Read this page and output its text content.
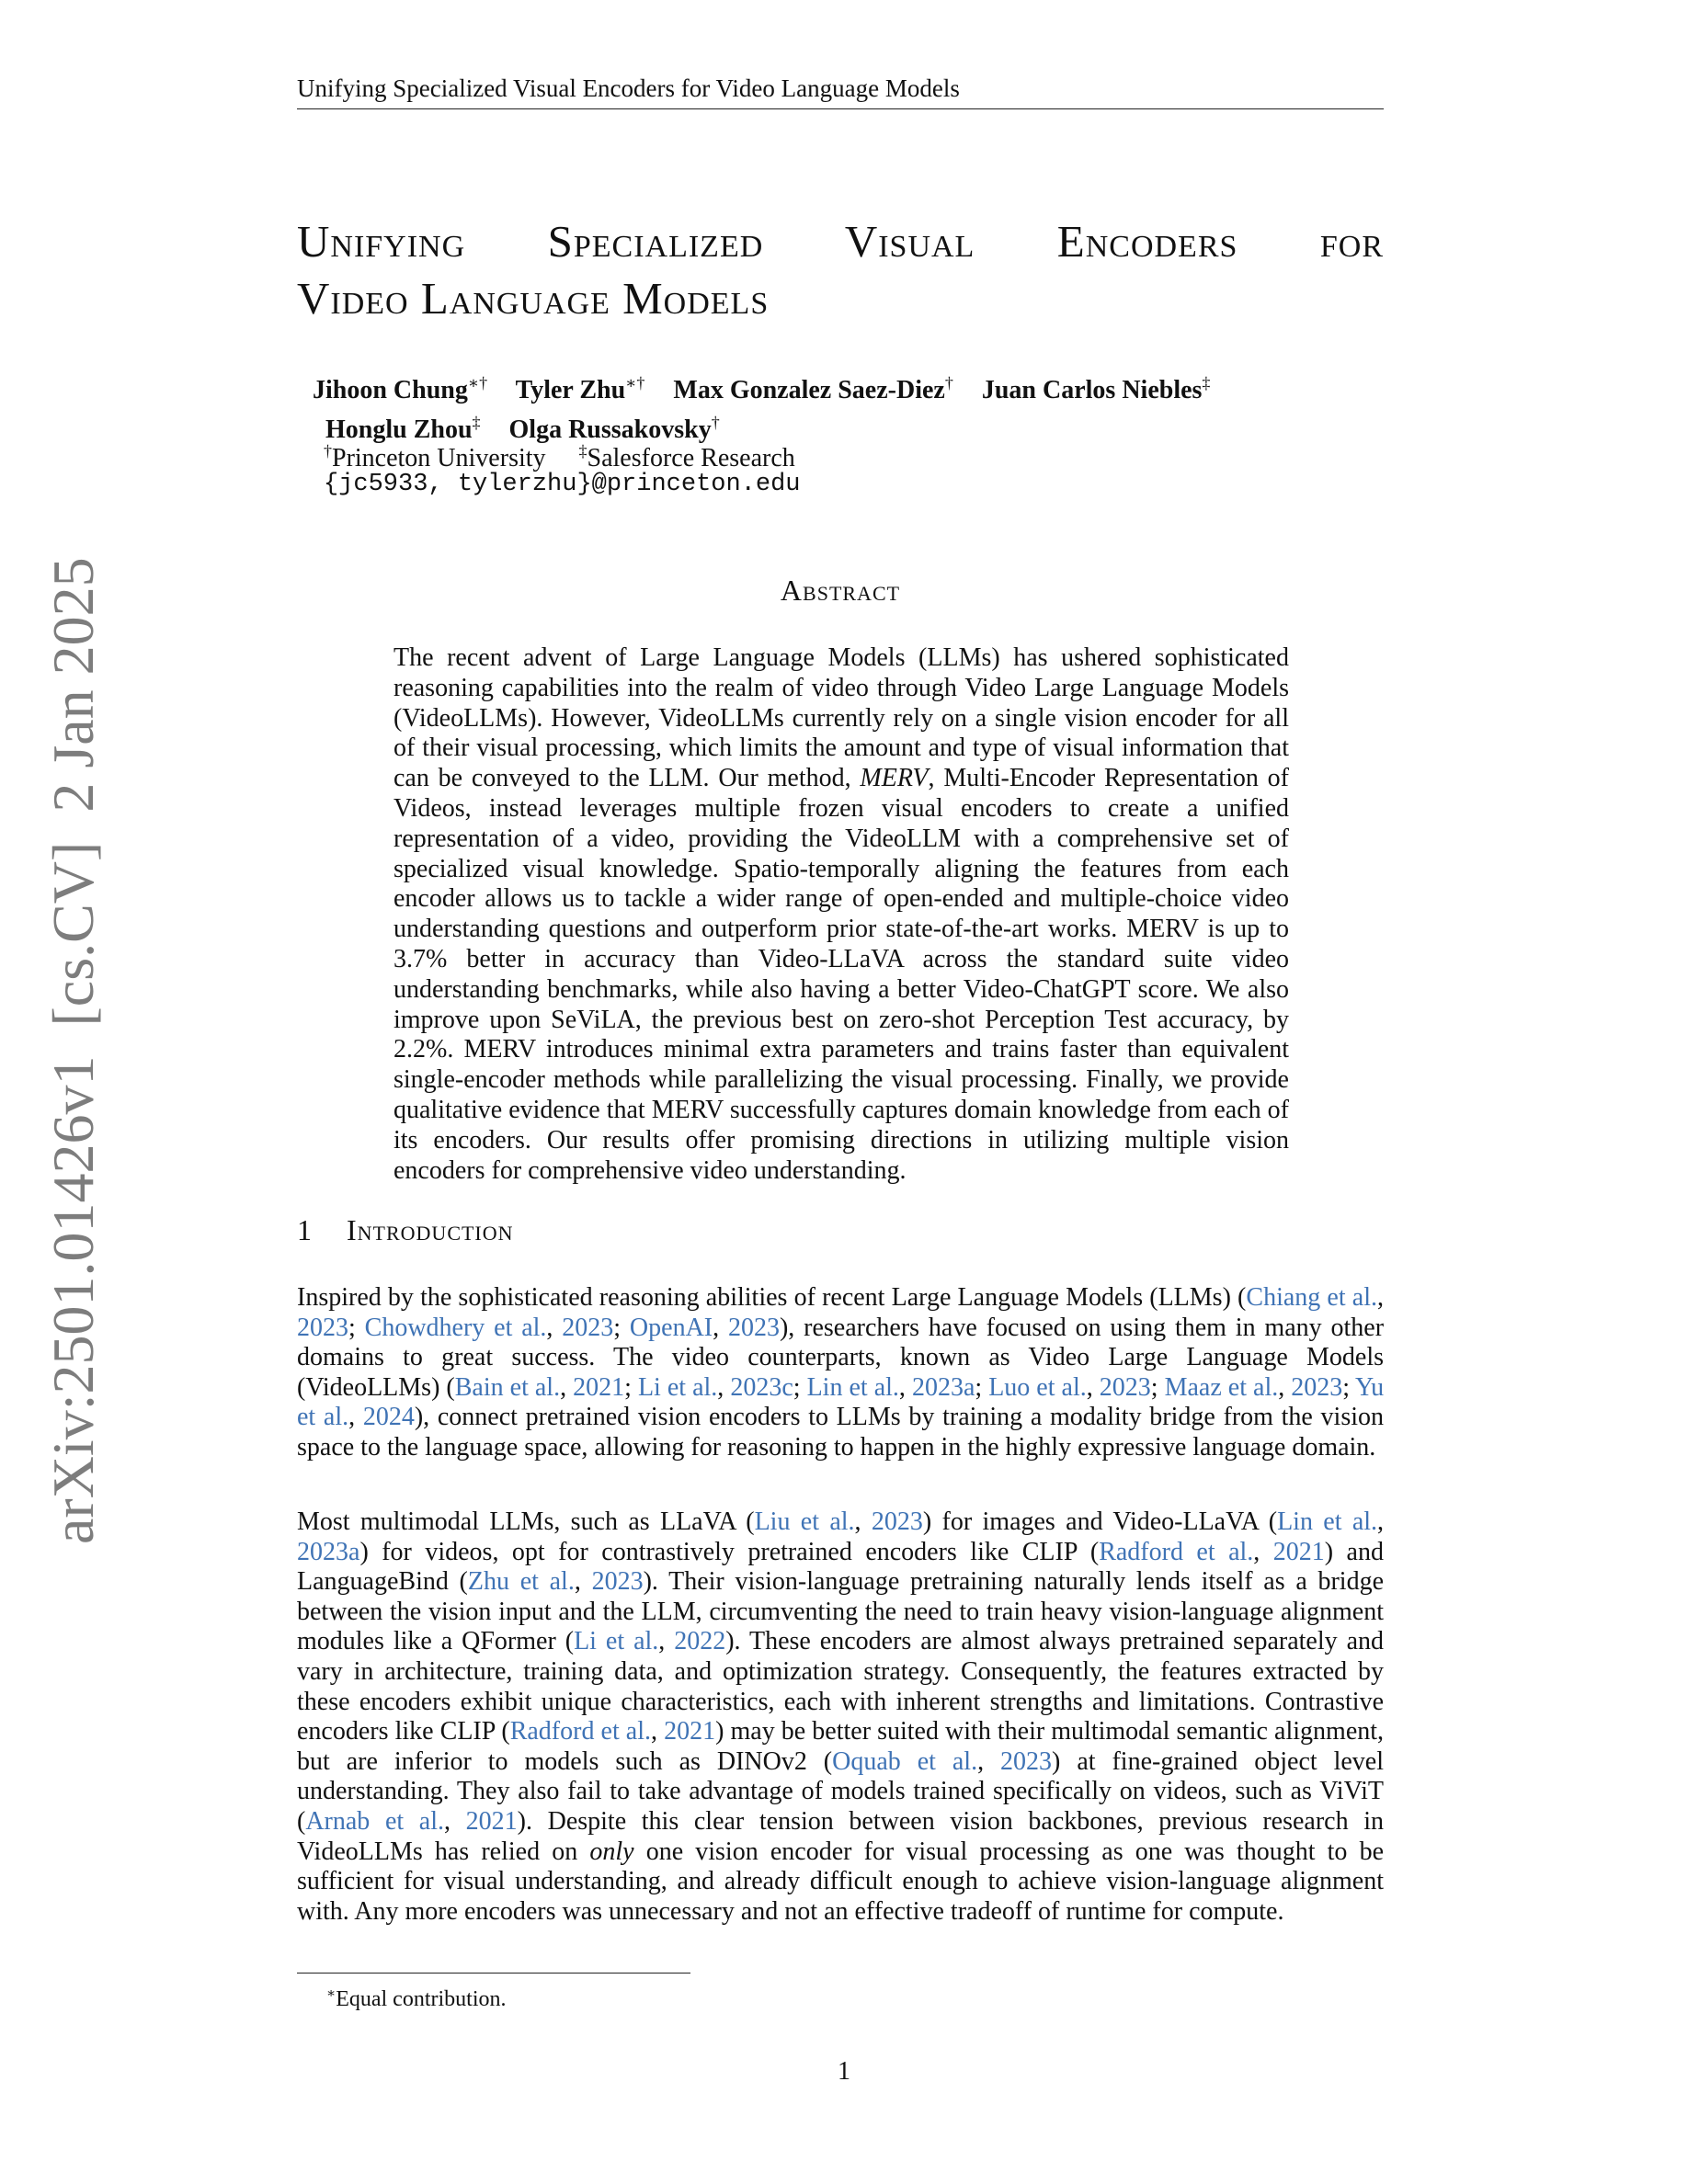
Unifying Specialized Visual Encoders for Video Language Models
arXiv:2501.01426v1  [cs.CV]  2 Jan 2025
Unifying Specialized Visual Encoders for
Video Language Models
Jihoon Chung∗† Tyler Zhu∗† Max Gonzalez Saez-Diez† Juan Carlos Niebles‡
Honglu Zhou‡ Olga Russakovsky†
†Princeton University ‡Salesforce Research
{jc5933, tylerzhu}@princeton.edu
Abstract

The recent advent of Large Language Models (LLMs) has ushered sophisticated reasoning capabilities into the realm of video through Video Large Language Models (VideoLLMs). However, VideoLLMs currently rely on a single vision encoder for all of their visual processing, which limits the amount and type of visual information that can be conveyed to the LLM. Our method, MERV, Multi-Encoder Representation of Videos, instead leverages multiple frozen visual encoders to create a unified representation of a video, providing the VideoLLM with a comprehensive set of specialized visual knowledge. Spatio-temporally aligning the features from each encoder allows us to tackle a wider range of open-ended and multiple-choice video understanding questions and outperform prior state-of-the-art works. MERV is up to 3.7% better in accuracy than Video-LLaVA across the standard suite video understanding benchmarks, while also having a better Video-ChatGPT score. We also improve upon SeViLA, the previous best on zero-shot Perception Test accuracy, by 2.2%. MERV introduces minimal extra parameters and trains faster than equivalent single-encoder methods while parallelizing the visual processing. Finally, we provide qualitative evidence that MERV successfully captures domain knowledge from each of its encoders. Our results offer promising directions in utilizing multiple vision encoders for comprehensive video understanding.

1 Introduction

Inspired by the sophisticated reasoning abilities of recent Large Language Models (LLMs) (Chiang et al., 2023; Chowdhery et al., 2023; OpenAI, 2023), researchers have focused on using them in many other domains to great success. The video counterparts, known as Video Large Language Models (VideoLLMs) (Bain et al., 2021; Li et al., 2023c; Lin et al., 2023a; Luo et al., 2023; Maaz et al., 2023; Yu et al., 2024), connect pretrained vision encoders to LLMs by training a modality bridge from the vision space to the language space, allowing for reasoning to happen in the highly expressive language domain.

Most multimodal LLMs, such as LLaVA (Liu et al., 2023) for images and Video-LLaVA (Lin et al., 2023a) for videos, opt for contrastively pretrained encoders like CLIP (Radford et al., 2021) and LanguageBind (Zhu et al., 2023). Their vision-language pretraining naturally lends itself as a bridge between the vision input and the LLM, circumventing the need to train heavy vision-language alignment modules like a QFormer (Li et al., 2022). These encoders are almost always pretrained separately and vary in architecture, training data, and optimization strategy. Consequently, the features extracted by these encoders exhibit unique characteristics, each with inherent strengths and limitations. Contrastive encoders like CLIP (Radford et al., 2021) may be better suited with their multimodal semantic alignment, but are inferior to models such as DINOv2 (Oquab et al., 2023) at fine-grained object level understanding. They also fail to take advantage of models trained specifically on videos, such as ViViT (Arnab et al., 2021). Despite this clear tension between vision backbones, previous research in VideoLLMs has relied on only one vision encoder for visual processing as one was thought to be sufficient for visual understanding, and already difficult enough to achieve vision-language alignment with. Any more encoders was unnecessary and not an effective tradeoff of runtime for compute.

∗Equal contribution.
1
